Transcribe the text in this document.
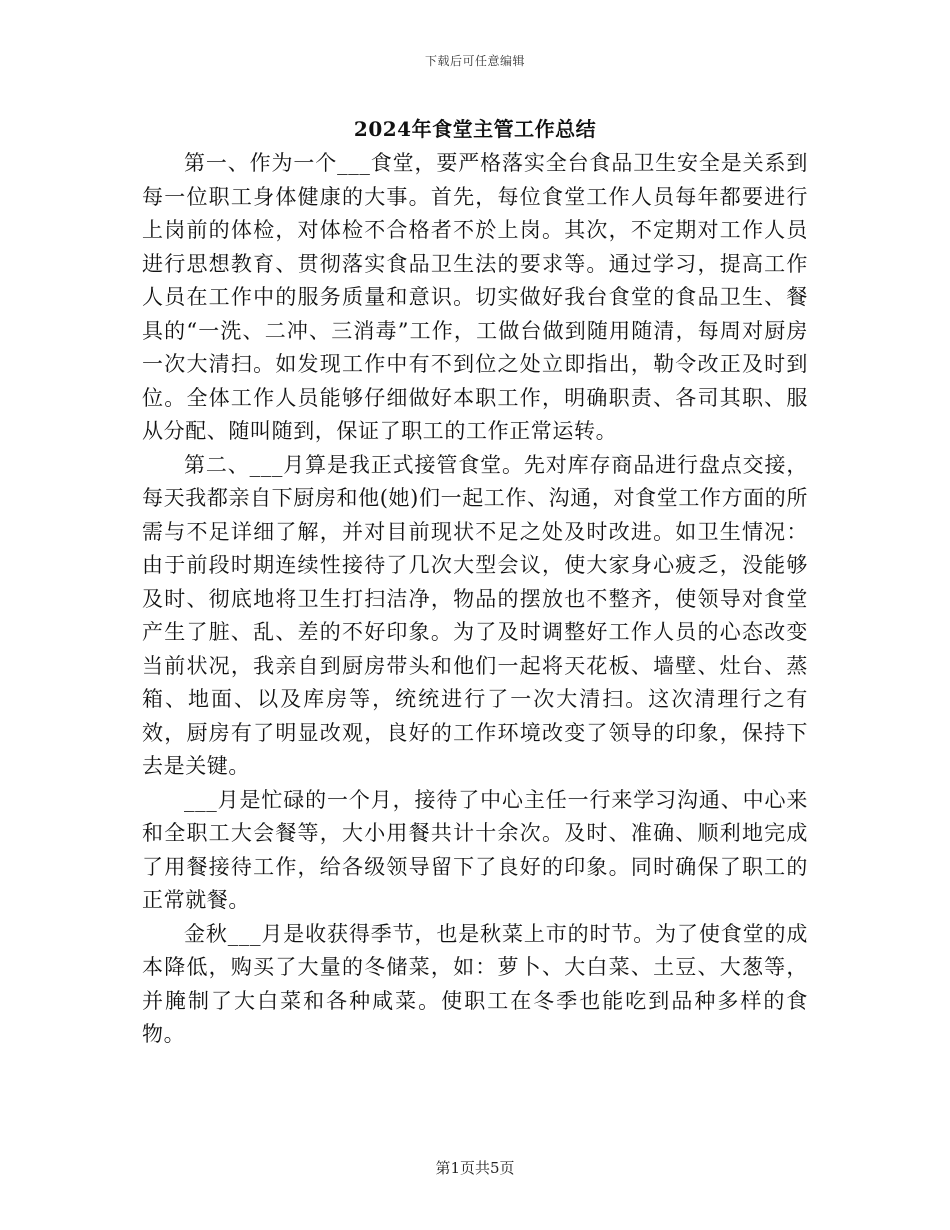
下载后可任意编辑
2024年食堂主管工作总结

第一、作为一个___食堂，要严格落实全台食品卫生安全是关系到每一位职工身体健康的大事。首先，每位食堂工作人员每年都要进行上岗前的体检，对体检不合格者不於上岗。其次，不定期对工作人员进行思想教育、贯彻落实食品卫生法的要求等。通过学习，提高工作人员在工作中的服务质量和意识。切实做好我台食堂的食品卫生、餐具的“一洗、二冲、三消毒”工作，工做台做到随用随清，每周对厨房一次大清扫。如发现工作中有不到位之处立即指出，勒令改正及时到位。全体工作人员能够仔细做好本职工作，明确职责、各司其职、服从分配、随叫随到，保证了职工的工作正常运转。

第二、___月算是我正式接管食堂。先对库存商品进行盘点交接，每天我都亲自下厨房和他(她)们一起工作、沟通，对食堂工作方面的所需与不足详细了解，并对目前现状不足之处及时改进。如卫生情况：由于前段时期连续性接待了几次大型会议，使大家身心疲乏，没能够及时、彻底地将卫生打扫洁净，物品的摆放也不整齐，使领导对食堂产生了脏、乱、差的不好印象。为了及时调整好工作人员的心态改变当前状况，我亲自到厨房带头和他们一起将天花板、墙壁、灶台、蒸箱、地面、以及库房等，统统进行了一次大清扫。这次清理行之有效，厨房有了明显改观，良好的工作环境改变了领导的印象，保持下去是关键。

___月是忙碌的一个月，接待了中心主任一行来学习沟通、中心来和全职工大会餐等，大小用餐共计十余次。及时、准确、顺利地完成了用餐接待工作，给各级领导留下了良好的印象。同时确保了职工的正常就餐。

金秋___月是收获得季节，也是秋菜上市的时节。为了使食堂的成本降低，购买了大量的冬储菜，如：萝卜、大白菜、土豆、大葱等，并腌制了大白菜和各种咸菜。使职工在冬季也能吃到品种多样的食物。

第1页共5页
